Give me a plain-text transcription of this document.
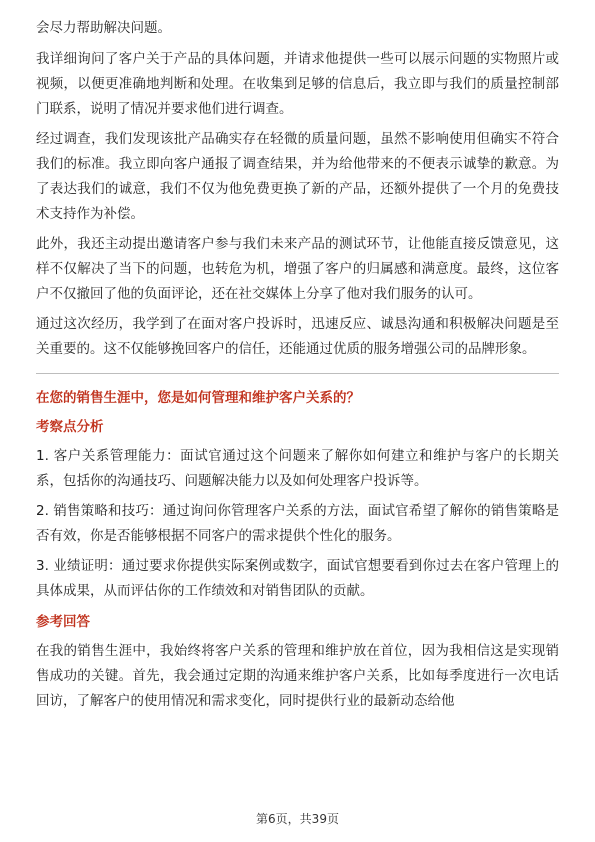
会尽力帮助解决问题。

我详细询问了客户关于产品的具体问题，并请求他提供一些可以展示问题的实物照片或视频，以便更准确地判断和处理。在收集到足够的信息后，我立即与我们的质量控制部门联系，说明了情况并要求他们进行调查。

经过调查，我们发现该批产品确实存在轻微的质量问题，虽然不影响使用但确实不符合我们的标准。我立即向客户通报了调查结果，并为给他带来的不便表示诚挚的歉意。为了表达我们的诚意，我们不仅为他免费更换了新的产品，还额外提供了一个月的免费技术支持作为补偿。

此外，我还主动提出邀请客户参与我们未来产品的测试环节，让他能直接反馈意见，这样不仅解决了当下的问题，也转危为机，增强了客户的归属感和满意度。最终，这位客户不仅撤回了他的负面评论，还在社交媒体上分享了他对我们服务的认可。

通过这次经历，我学到了在面对客户投诉时，迅速反应、诚恳沟通和积极解决问题是至关重要的。这不仅能够挽回客户的信任，还能通过优质的服务增强公司的品牌形象。

在您的销售生涯中，您是如何管理和维护客户关系的？
考察点分析

1. 客户关系管理能力：面试官通过这个问题来了解你如何建立和维护与客户的长期关系，包括你的沟通技巧、问题解决能力以及如何处理客户投诉等。

2. 销售策略和技巧：通过询问你管理客户关系的方法，面试官希望了解你的销售策略是否有效，你是否能够根据不同客户的需求提供个性化的服务。

3. 业绩证明：通过要求你提供实际案例或数字，面试官想要看到你过去在客户管理上的具体成果，从而评估你的工作绩效和对销售团队的贡献。

参考回答

在我的销售生涯中，我始终将客户关系的管理和维护放在首位，因为我相信这是实现销售成功的关键。首先，我会通过定期的沟通来维护客户关系，比如每季度进行一次电话回访，了解客户的使用情况和需求变化，同时提供行业的最新动态给他

第6页，共39页
